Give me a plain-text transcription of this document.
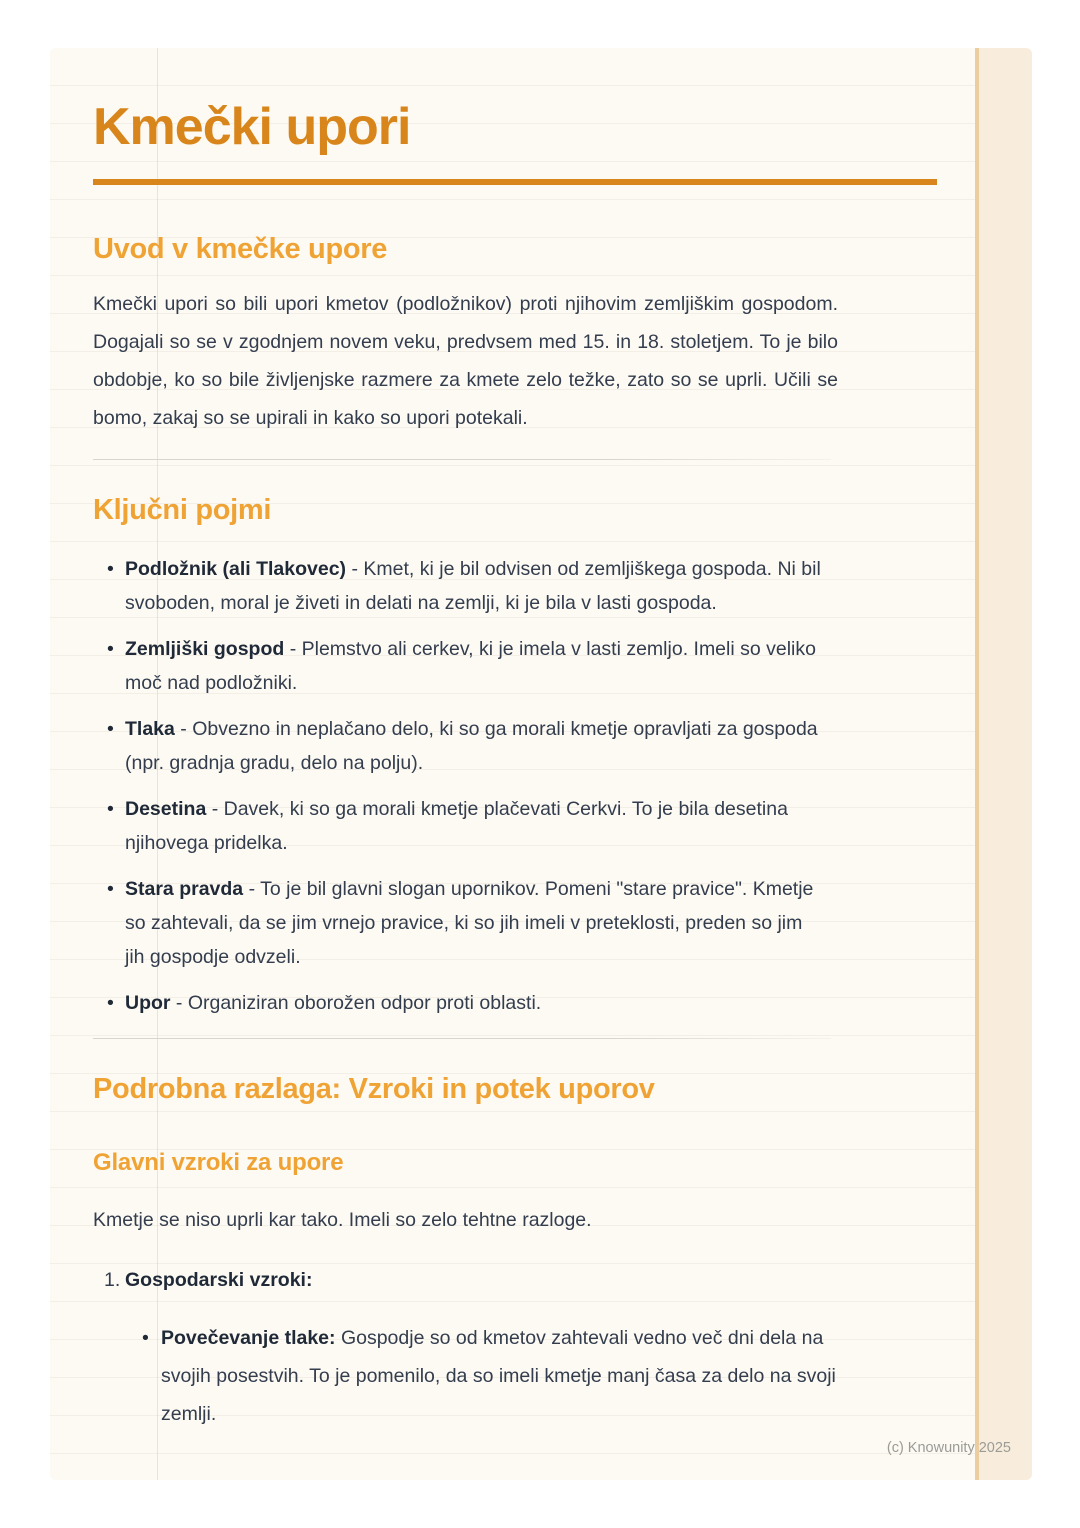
Kmečki upori
Uvod v kmečke upore

Kmečki upori so bili upori kmetov (podložnikov) proti njihovim zemljiškim gospodom. Dogajali so se v zgodnjem novem veku, predvsem med 15. in 18. stoletjem. To je bilo obdobje, ko so bile življenjske razmere za kmete zelo težke, zato so se uprli. Učili se bomo, zakaj so se upirali in kako so upori potekali.

Ključni pojmi
•
Podložnik (ali Tlakovec) - Kmet, ki je bil odvisen od zemljiškega gospoda. Ni bil svoboden, moral je živeti in delati na zemlji, ki je bila v lasti gospoda.
•
Zemljiški gospod - Plemstvo ali cerkev, ki je imela v lasti zemljo. Imeli so veliko moč nad podložniki.
•
Tlaka - Obvezno in neplačano delo, ki so ga morali kmetje opravljati za gospoda (npr. gradnja gradu, delo na polju).
•
Desetina - Davek, ki so ga morali kmetje plačevati Cerkvi. To je bila desetina njihovega pridelka.
•
Stara pravda - To je bil glavni slogan upornikov. Pomeni "stare pravice". Kmetje so zahtevali, da se jim vrnejo pravice, ki so jih imeli v preteklosti, preden so jim jih gospodje odvzeli.
•
Upor - Organiziran oborožen odpor proti oblasti.
Podrobna razlaga: Vzroki in potek uporov
Glavni vzroki za upore

Kmetje se niso uprli kar tako. Imeli so zelo tehtne razloge.

1. Gospodarski vzroki:
•
Povečevanje tlake: Gospodje so od kmetov zahtevali vedno več dni dela na svojih posestvih. To je pomenilo, da so imeli kmetje manj časa za delo na svoji zemlji.
(c) Knowunity 2025
